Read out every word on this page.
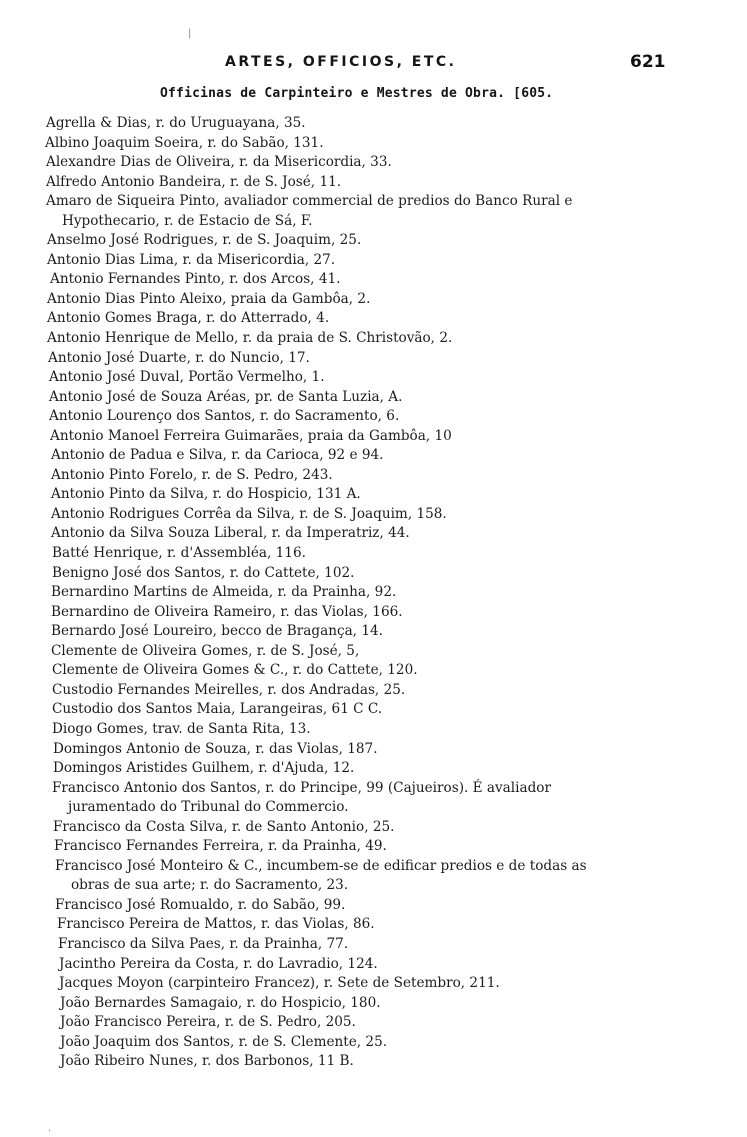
|
·
ARTES, OFFICIOS, ETC.	621
Officinas de Carpinteiro e Mestres de Obra. [605.
Agrella & Dias, r. do Uruguayana, 35.
Albino Joaquim Soeira, r. do Sabão, 131.
Alexandre Dias de Oliveira, r. da Misericordia, 33.
Alfredo Antonio Bandeira, r. de S. José, 11.
Amaro de Siqueira Pinto, avaliador commercial de predios do Banco Rural e
Hypothecario, r. de Estacio de Sá, F.
Anselmo José Rodrigues, r. de S. Joaquim, 25.
Antonio Dias Lima, r. da Misericordia, 27.
Antonio Fernandes Pinto, r. dos Arcos, 41.
Antonio Dias Pinto Aleixo, praia da Gambôa, 2.
Antonio Gomes Braga, r. do Atterrado, 4.
Antonio Henrique de Mello, r. da praia de S. Christovão, 2.
Antonio José Duarte, r. do Nuncio, 17.
Antonio José Duval, Portão Vermelho, 1.
Antonio José de Souza Aréas, pr. de Santa Luzia, A.
Antonio Lourenço dos Santos, r. do Sacramento, 6.
Antonio Manoel Ferreira Guimarães, praia da Gambôa, 10
Antonio de Padua e Silva, r. da Carioca, 92 e 94.
Antonio Pinto Forelo, r. de S. Pedro, 243.
Antonio Pinto da Silva, r. do Hospicio, 131 A.
Antonio Rodrigues Corrêa da Silva, r. de S. Joaquim, 158.
Antonio da Silva Souza Liberal, r. da Imperatriz, 44.
Batté Henrique, r. d'Assembléa, 116.
Benigno José dos Santos, r. do Cattete, 102.
Bernardino Martins de Almeida, r. da Prainha, 92.
Bernardino de Oliveira Rameiro, r. das Violas, 166.
Bernardo José Loureiro, becco de Bragança, 14.
Clemente de Oliveira Gomes, r. de S. José, 5,
Clemente de Oliveira Gomes & C., r. do Cattete, 120.
Custodio Fernandes Meirelles, r. dos Andradas, 25.
Custodio dos Santos Maia, Larangeiras, 61 C C.
Diogo Gomes, trav. de Santa Rita, 13.
Domingos Antonio de Souza, r. das Violas, 187.
Domingos Aristides Guilhem, r. d'Ajuda, 12.
Francisco Antonio dos Santos, r. do Principe, 99 (Cajueiros). É avaliador
juramentado do Tribunal do Commercio.
Francisco da Costa Silva, r. de Santo Antonio, 25.
Francisco Fernandes Ferreira, r. da Prainha, 49.
Francisco José Monteiro & C., incumbem-se de edificar predios e de todas as
obras de sua arte; r. do Sacramento, 23.
Francisco José Romualdo, r. do Sabão, 99.
Francisco Pereira de Mattos, r. das Violas, 86.
Francisco da Silva Paes, r. da Prainha, 77.
Jacintho Pereira da Costa, r. do Lavradio, 124.
Jacques Moyon (carpinteiro Francez), r. Sete de Setembro, 211.
João Bernardes Samagaio, r. do Hospicio, 180.
João Francisco Pereira, r. de S. Pedro, 205.
João Joaquim dos Santos, r. de S. Clemente, 25.
João Ribeiro Nunes, r. dos Barbonos, 11 B.
